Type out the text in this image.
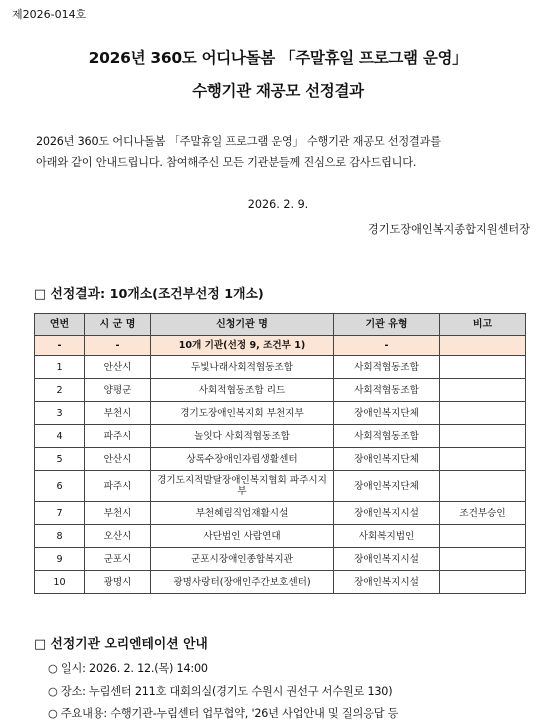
제2026-014호
2026년 360도 어디나돌봄 「주말휴일 프로그램 운영」
수행기관 재공모 선정결과
2026년 360도 어디나돌봄 「주말휴일 프로그램 운영」 수행기관 재공모 선정결과를
아래와 같이 안내드립니다. 참여해주신 모든 기관분들께 진심으로 감사드립니다.
2026. 2. 9.
경기도장애인복지종합지원센터장
□ 선정결과: 10개소(조건부선정 1개소)
연번	시 군 명	신청기관 명	기관 유형	비고
-	-	10개 기관(선정 9, 조건부 1)	-	
1	안산시	두빛나래사회적협동조합	사회적협동조합	
2	양평군	사회적협동조합 리드	사회적협동조합	
3	부천시	경기도장애인복지회 부천지부	장애인복지단체	
4	파주시	놀잇다 사회적협동조합	사회적협동조합	
5	안산시	상록수장애인자립생활센터	장애인복지단체	
6	파주시	경기도지적발달장애인복지협회 파주시지부	장애인복지단체	
7	부천시	부천혜림직업재활시설	장애인복지시설	조건부승인
8	오산시	사단법인 사람연대	사회복지법인	
9	군포시	군포시장애인종합복지관	장애인복지시설	
10	광명시	광명사랑터(장애인주간보호센터)	장애인복지시설	
□ 선정기관 오리엔테이션 안내
○ 일시: 2026. 2. 12.(목) 14:00
○ 장소: 누림센터 211호 대회의실(경기도 수원시 권선구 서수원로 130)
○ 주요내용: 수행기관-누림센터 업무협약, '26년 사업안내 및 질의응답 등
